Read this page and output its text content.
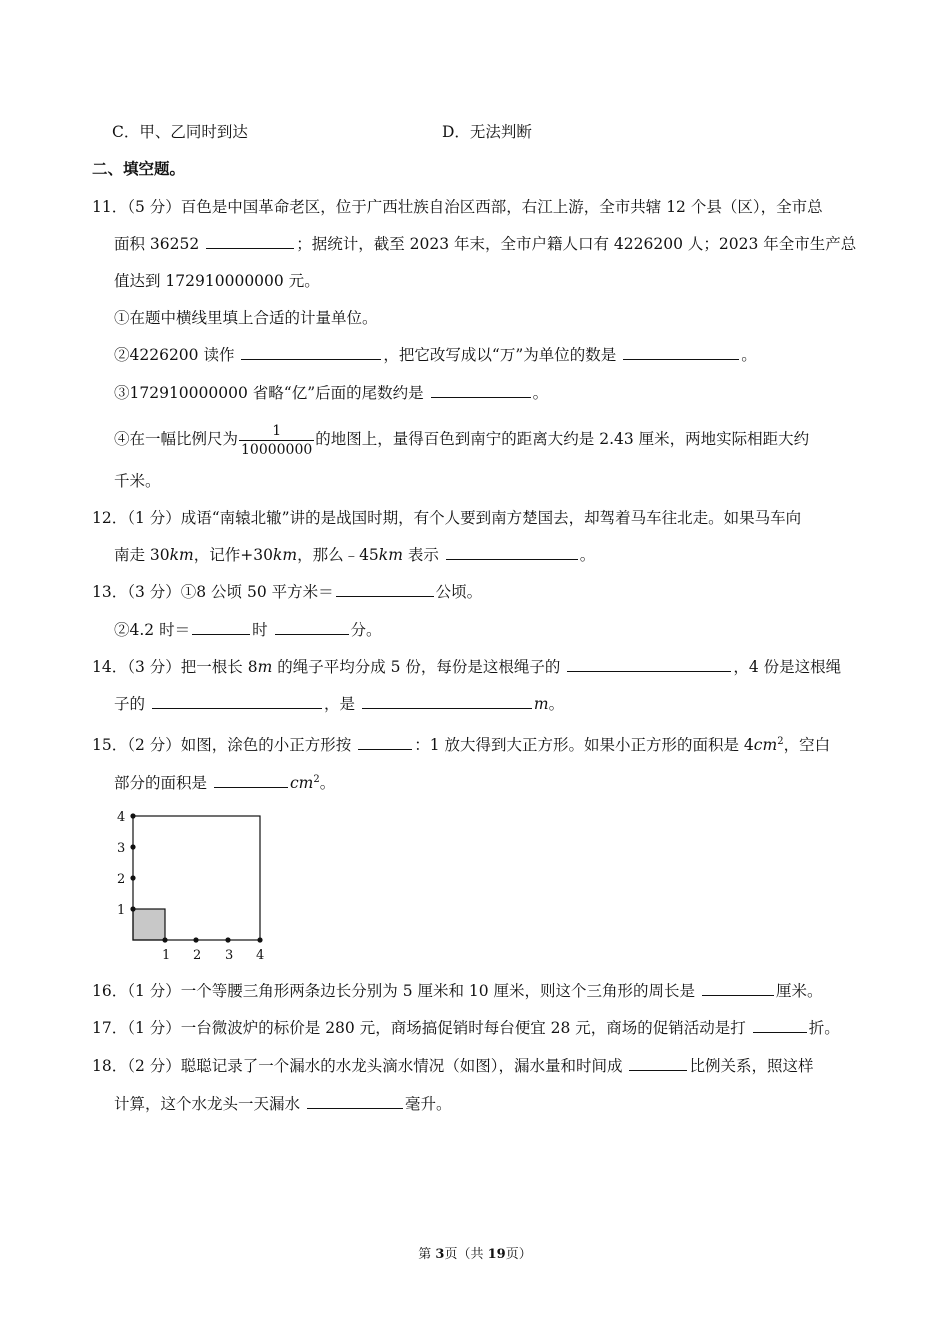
C．甲、乙同时到达	D．无法判断
二、填空题。
11．（5 分）百色是中国革命老区，位于广西壮族自治区西部，右江上游，全市共辖 12 个县（区），全市总
面积 36252	；据统计，截至 2023 年末，全市户籍人口有 4226200 人；2023 年全市生产总
值达到 172910000000 元。
①在题中横线里填上合适的计量单位。
②4226200 读作	，把它改写成以“万”为单位的数是	。
③172910000000 省略“亿”后面的尾数约是	。
④在一幅比例尺为 $\frac{1}{10000000}$ 的地图上，量得百色到南宁的距离大约是 2.43 厘米，两地实际相距大约
千米。
12．（1 分）成语“南辕北辙”讲的是战国时期，有个人要到南方楚国去，却驾着马车往北走。如果马车向
南走 30km，记作+30km，那么﹣45km 表示	。
13．（3 分）①8 公顷 50 平方米＝	公顷。
②4.2 时＝	时	分。
14．（3 分）把一根长 8m 的绳子平均分成 5 份，每份是这根绳子的	，4 份是这根绳
子的	，是	m。
15．（2 分）如图，涂色的小正方形按	：1 放大得到大正方形。如果小正方形的面积是 $4cm^2$，空白
部分的面积是	$cm^2$。
1
2
3
4
1 2 3 4
16．（1 分）一个等腰三角形两条边长分别为 5 厘米和 10 厘米，则这个三角形的周长是	厘米。
17．（1 分）一台微波炉的标价是 280 元，商场搞促销时每台便宜 28 元，商场的促销活动是打	折。
18．（2 分）聪聪记录了一个漏水的水龙头滴水情况（如图），漏水量和时间成	比例关系，照这样
计算，这个水龙头一天漏水	毫升。
第 3页（共 19页）
